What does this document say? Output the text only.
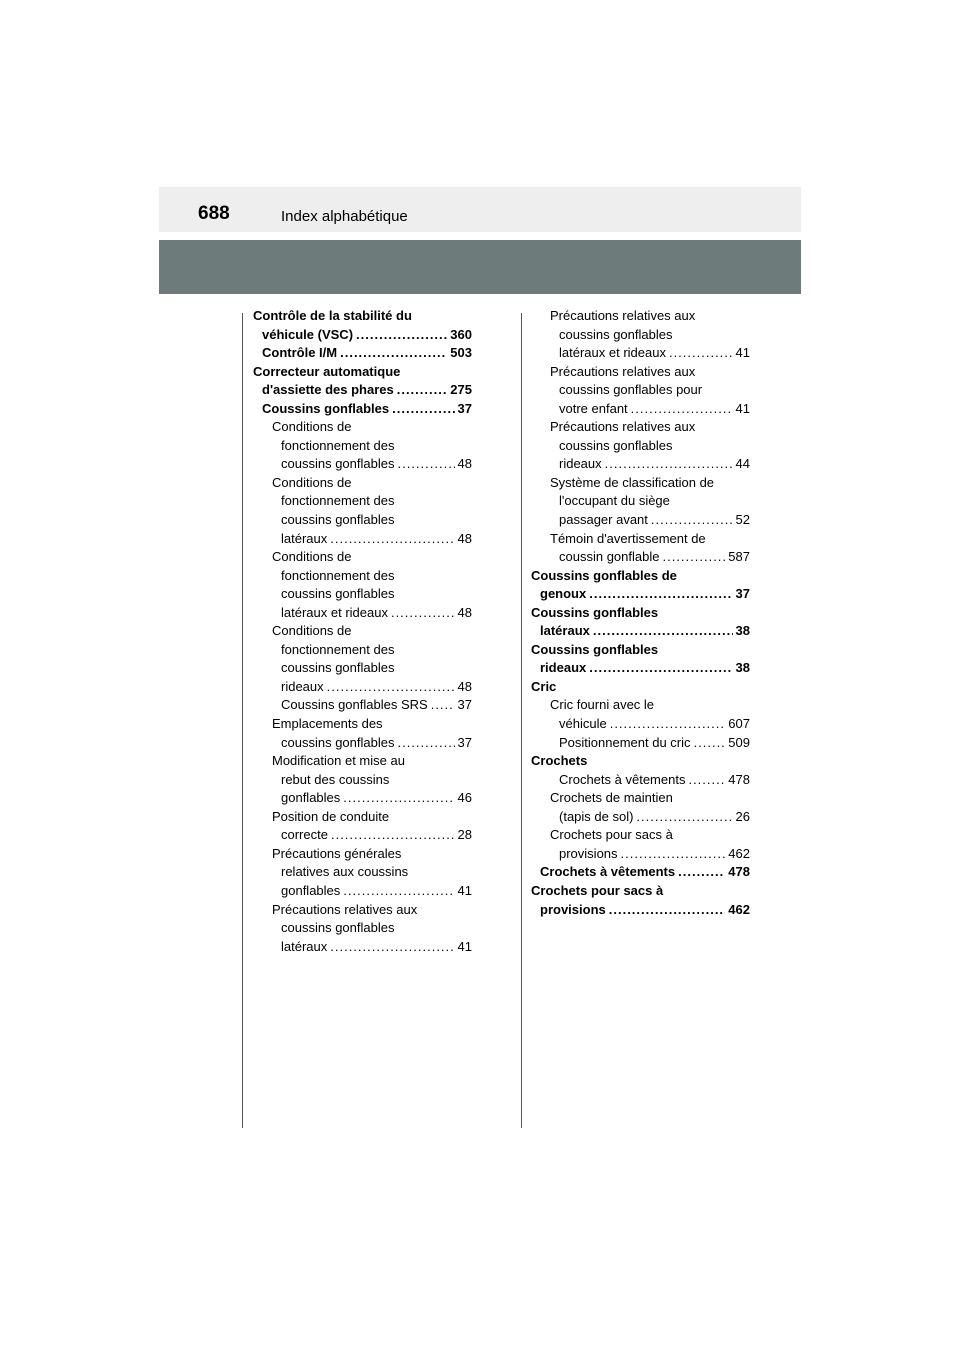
688	Index alphabétique
Contrôle de la stabilité du
véhicule (VSC) .....	360
Contrôle I/M .....	503
Correcteur automatique
d'assiette des phares .....	275
Coussins gonflables .....	37
Conditions de
fonctionnement des
coussins gonflables .....	48
Conditions de
fonctionnement des
coussins gonflables
latéraux .....	48
Conditions de
fonctionnement des
coussins gonflables
latéraux et rideaux .....	48
Conditions de
fonctionnement des
coussins gonflables
rideaux .....	48
Coussins gonflables SRS ..... 37
Emplacements des
coussins gonflables .....	37
Modification et mise au
rebut des coussins
gonflables .....	46
Position de conduite
correcte .....	28
Précautions générales
relatives aux coussins
gonflables .....	41
Précautions relatives aux
coussins gonflables
latéraux .....	41
Précautions relatives aux
coussins gonflables
latéraux et rideaux .....	41
Précautions relatives aux
coussins gonflables pour
votre enfant .....	41
Précautions relatives aux
coussins gonflables
rideaux .....	44
Système de classification de
l'occupant du siège
passager avant .....	52
Témoin d'avertissement de
coussin gonflable .....	587
Coussins gonflables de
genoux .....	37
Coussins gonflables
latéraux .....	38
Coussins gonflables
rideaux .....	38
Cric
Cric fourni avec le
véhicule .....	607
Positionnement du cric .....	509
Crochets
Crochets à vêtements .....	478
Crochets de maintien
(tapis de sol) .....	26
Crochets pour sacs à
provisions .....	462
Crochets à vêtements .....	478
Crochets pour sacs à
provisions .....	462
